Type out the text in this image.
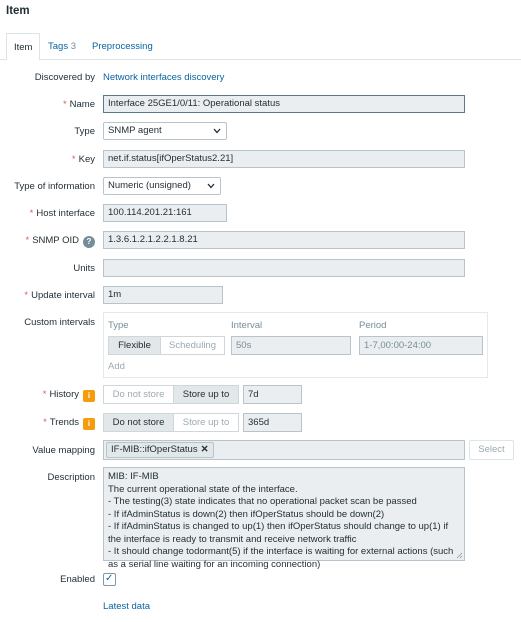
Item
Item	Tags 3	Preprocessing
Discovered by Network interfaces discovery
* Name	Interface 25GE1/0/11: Operational status
Type	SNMP agent
* Key	net.if.status[ifOperStatus2.21]
Type of information	Numeric (unsigned)
* Host interface	100.114.201.21:161
* SNMP OID ?	1.3.6.1.2.1.2.2.1.8.21
Units
* Update interval	1m
Custom intervals Type	Interval	Period
Flexible	Scheduling	50s	1-7,00:00-24:00
Add
* History i	Do not store	Store up to	7d
* Trends i	Do not store	Store up to	365d
Value mapping	IF-MIB::ifOperStatus ✕	Select
Description MIB: IF-MIB
The current operational state of the interface.
- The testing(3) state indicates that no operational packet scan be passed
- If ifAdminStatus is down(2) then ifOperStatus should be down(2)
- If ifAdminStatus is changed to up(1) then ifOperStatus should change to up(1) if
the interface is ready to transmit and receive network traffic
- It should change todormant(5) if the interface is waiting for external actions (such
as a serial line waiting for an incoming connection)
Enabled ✓
Latest data
